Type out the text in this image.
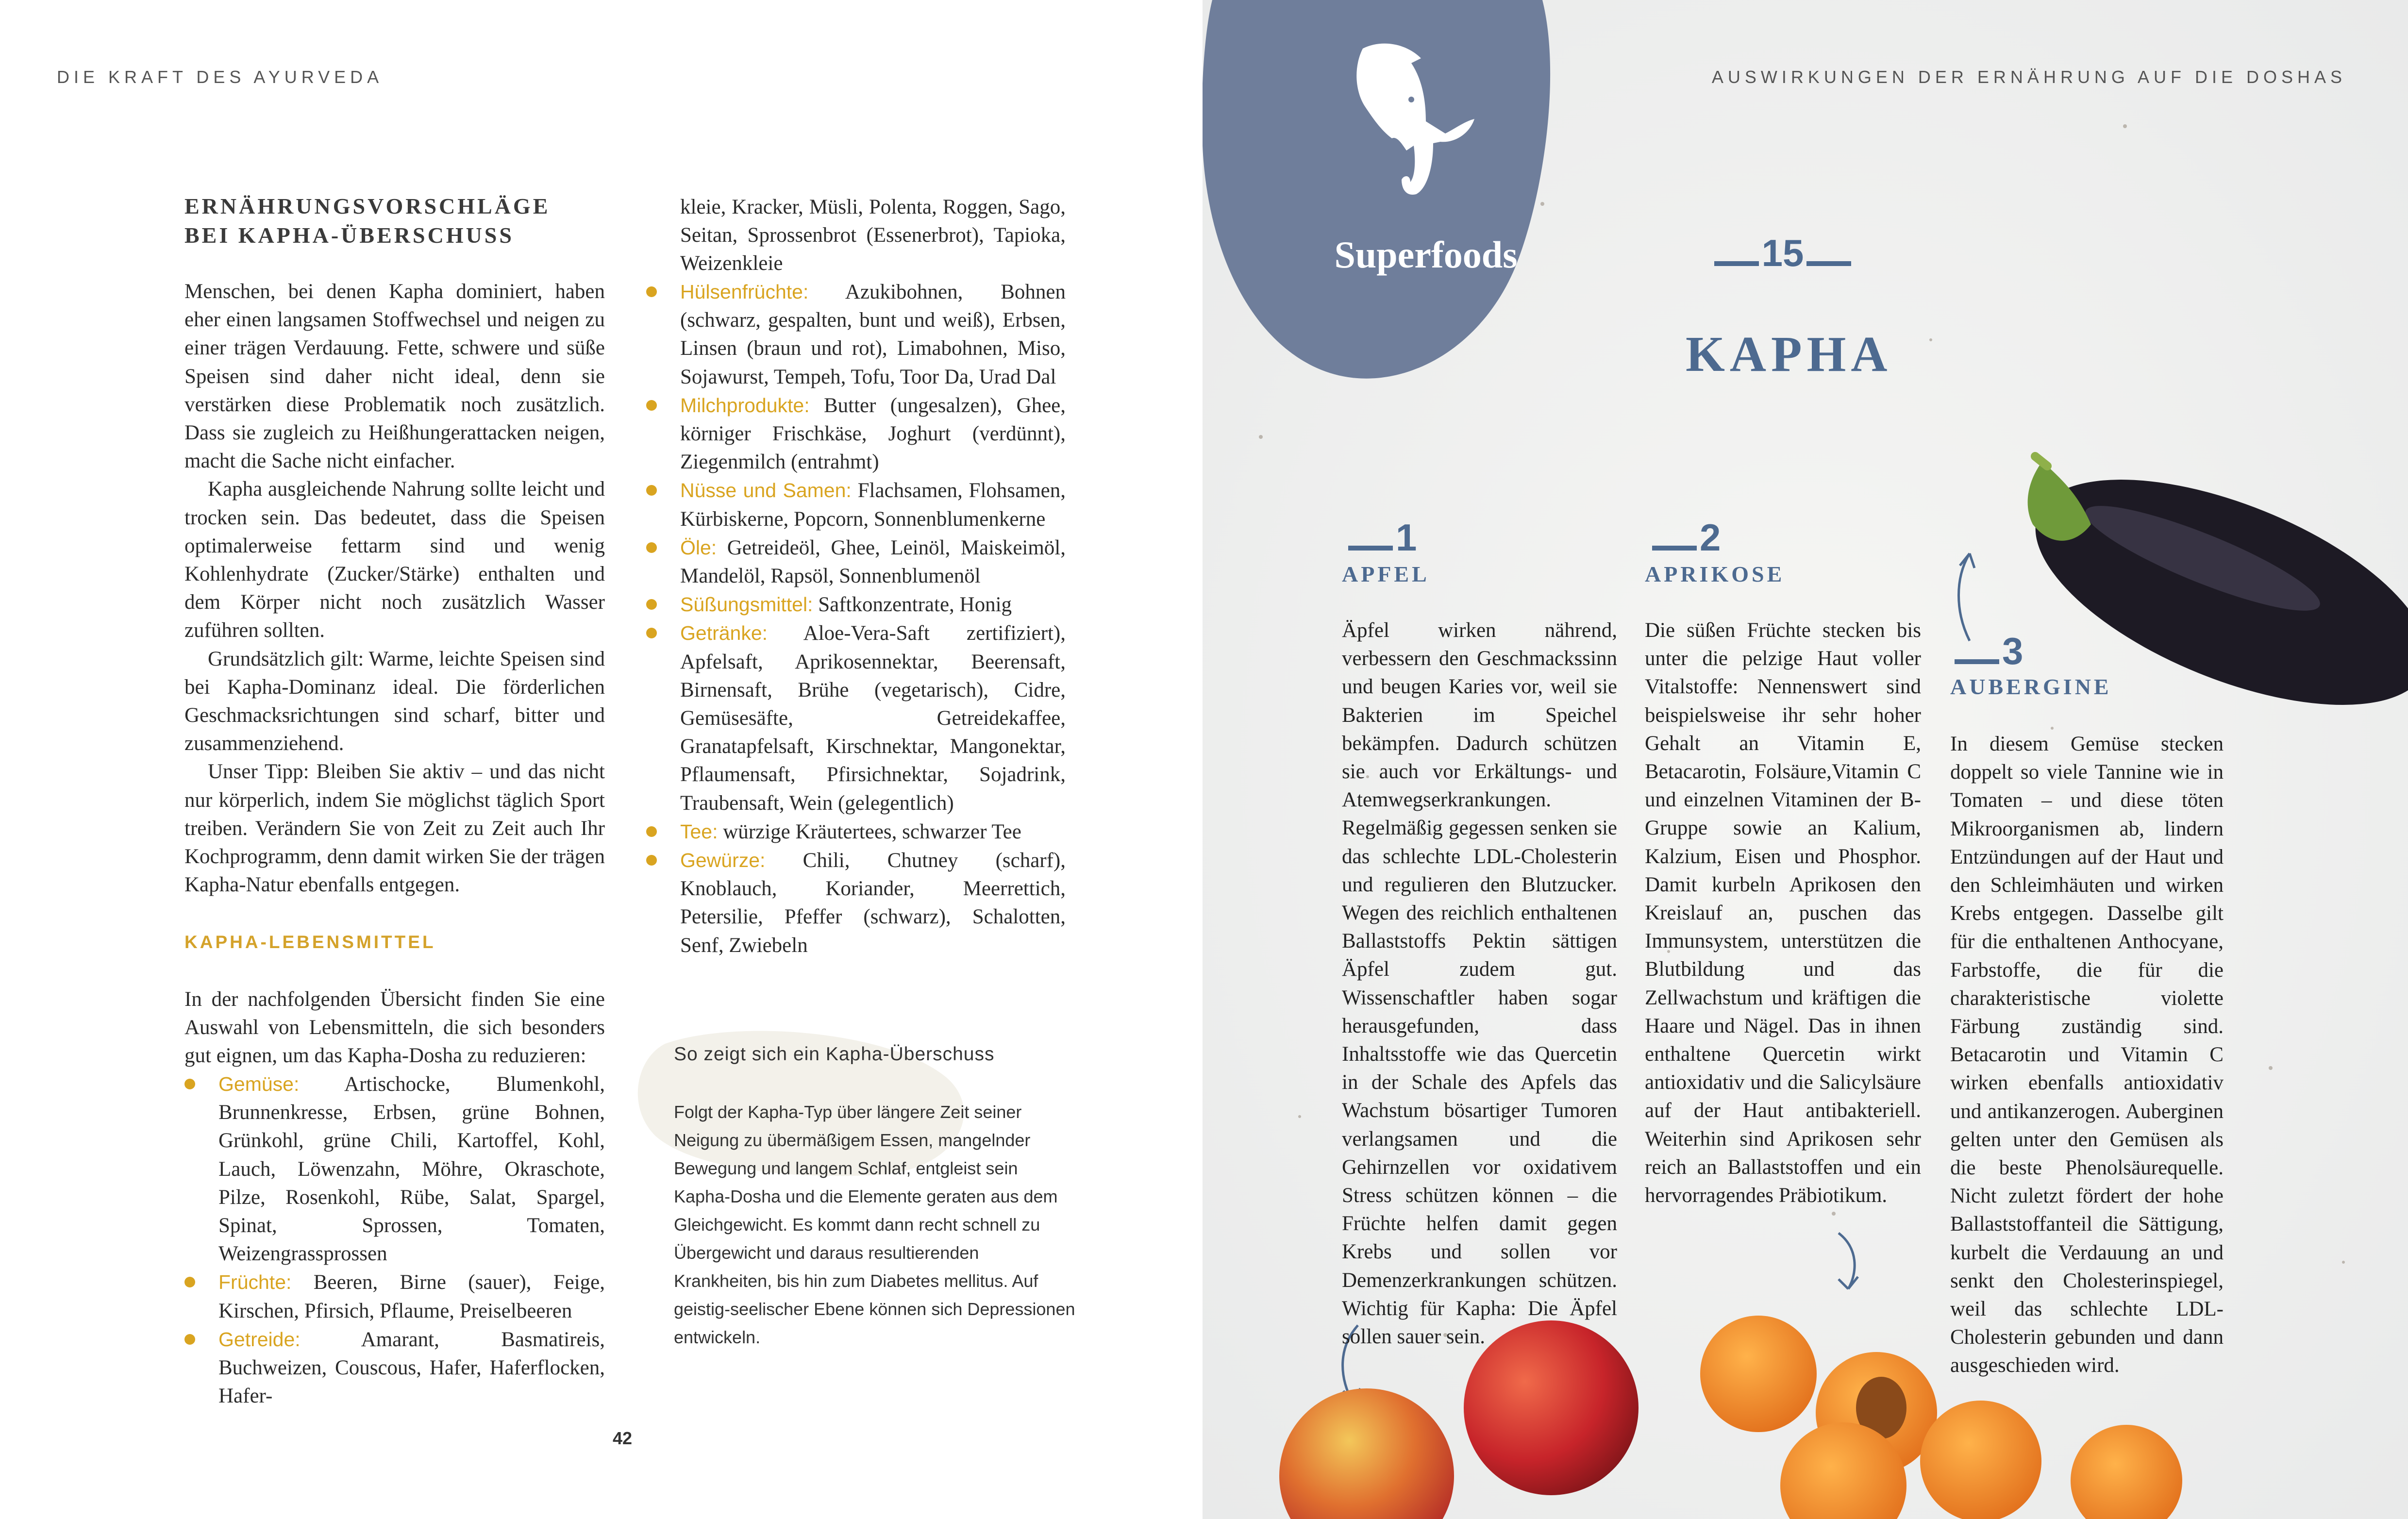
DIE KRAFT DES AYURVEDA
ERNÄHRUNGSVORSCHLÄGE
BEI KAPHA-ÜBERSCHUSS

Menschen, bei denen Kapha dominiert, haben eher einen langsamen Stoffwechsel und neigen zu einer trägen Verdauung. Fette, schwere und süße Speisen sind daher nicht ideal, denn sie verstärken diese Problematik noch zusätzlich. Dass sie zugleich zu Heißhungerattacken neigen, macht die Sache nicht einfacher.

Kapha ausgleichende Nahrung sollte leicht und trocken sein. Das bedeutet, dass die Speisen optimalerweise fettarm sind und wenig Kohlenhydrate (Zucker/Stärke) enthalten und dem Körper nicht noch zusätzlich Wasser zuführen sollten.

Grundsätzlich gilt: Warme, leichte Speisen sind bei Kapha-Dominanz ideal. Die förderlichen Geschmacksrichtungen sind scharf, bitter und zusammenziehend.

Unser Tipp: Bleiben Sie aktiv – und das nicht nur körperlich, indem Sie möglichst täglich Sport treiben. Verändern Sie von Zeit zu Zeit auch Ihr Kochprogramm, denn damit wirken Sie der trägen Kapha-Natur ebenfalls entgegen.

KAPHA-LEBENSMITTEL
In der nachfolgenden Übersicht finden Sie eine Auswahl von Lebensmitteln, die sich besonders gut eignen, um das Kapha-Dosha zu reduzieren:
Gemüse: Artischocke, Blumenkohl, Brunnenkresse, Erbsen, grüne Bohnen, Grünkohl, grüne Chili, Kartoffel, Kohl, Lauch, Löwenzahn, Möhre, Okraschote, Pilze, Rosenkohl, Rübe, Salat, Spargel, Spinat, Sprossen, Tomaten, Weizengrassprossen
Früchte: Beeren, Birne (sauer), Feige, Kirschen, Pfirsich, Pflaume, Preiselbeeren
Getreide:	Amarant, Basmatireis, Buchweizen, Couscous, Hafer, Haferflocken, Hafer-
kleie, Kracker, Müsli, Polenta, Roggen, Sago, Seitan, Sprossenbrot (Essenerbrot), Tapioka, Weizenkleie
Hülsenfrüchte: Azukibohnen, Bohnen (schwarz, gespalten, bunt und weiß), Erbsen, Linsen (braun und rot), Limabohnen, Miso, Sojawurst, Tempeh, Tofu, Toor Da, Urad Dal
Milchprodukte: Butter (ungesalzen), Ghee, körniger Frischkäse, Joghurt (verdünnt), Ziegenmilch (entrahmt)
Nüsse und Samen: Flachsamen, Flohsamen, Kürbiskerne, Popcorn, Sonnenblumenkerne
Öle: Getreideöl, Ghee, Leinöl, Maiskeimöl, Mandelöl, Rapsöl, Sonnenblumenöl
Süßungsmittel: Saftkonzentrate, Honig
Getränke: Aloe-Vera-Saft zertifiziert), Apfelsaft, Aprikosennektar, Beerensaft, Birnensaft, Brühe (vegetarisch), Cidre, Gemüsesäfte, Getreidekaffee, Granatapfelsaft, Kirschnektar, Mangonektar, Pflaumensaft, Pfirsichnektar, Sojadrink, Traubensaft, Wein (gelegentlich)
Tee: würzige Kräutertees, schwarzer Tee
Gewürze: Chili, Chutney (scharf), Knoblauch, Koriander, Meerrettich, Petersilie, Pfeffer (schwarz), Schalotten, Senf, Zwiebeln
So zeigt sich ein Kapha-Überschuss
Folgt der Kapha-Typ über längere Zeit seiner Neigung zu übermäßigem Essen, mangelnder Bewegung und langem Schlaf, entgleist sein Kapha-Dosha und die Elemente geraten aus dem Gleichgewicht. Es kommt dann recht schnell zu Übergewicht und daraus resultierenden Krankheiten, bis hin zum Diabetes mellitus. Auf geistig-seelischer Ebene können sich Depressionen entwickeln.
42
Superfoods
AUSWIRKUNGEN DER ERNÄHRUNG AUF DIE DOSHAS
15
KAPHA
1
APFEL
Äpfel wirken nährend, verbessern den Geschmackssinn und beugen Karies vor, weil sie Bakterien im Speichel bekämpfen. Dadurch schützen sie auch vor Erkältungs- und Atemwegserkrankungen. Regelmäßig gegessen senken sie das schlechte LDL-Cholesterin und regulieren den Blutzucker. Wegen des reichlich enthaltenen Ballaststoffs Pektin sättigen Äpfel zudem gut. Wissenschaftler haben sogar herausgefunden, dass Inhaltsstoffe wie das Quercetin in der Schale des Apfels das Wachstum bösartiger Tumoren verlangsamen und die Gehirnzellen vor oxidativem Stress schützen können – die Früchte helfen damit gegen Krebs und sollen vor Demenzerkrankungen schützen. Wichtig für Kapha: Die Äpfel sollen sauer sein.
2
APRIKOSE
Die süßen Früchte stecken bis unter die pelzige Haut voller Vitalstoffe: Nennenswert sind beispielsweise ihr sehr hoher Gehalt an Vitamin E, Betacarotin, Folsäure,Vitamin C und einzelnen Vitaminen der B-Gruppe sowie an Kalium, Kalzium, Eisen und Phosphor. Damit kurbeln Aprikosen den Kreislauf an, puschen das Immunsystem, unterstützen die Blutbildung und das Zellwachstum und kräftigen die Haare und Nägel. Das in ihnen enthaltene Quercetin wirkt antioxidativ und die Salicylsäure auf der Haut antibakteriell. Weiterhin sind Aprikosen sehr reich an Ballaststoffen und ein hervorragendes Präbiotikum.
3
AUBERGINE
In diesem Gemüse stecken doppelt so viele Tannine wie in Tomaten – und diese töten Mikroorganismen ab, lindern Entzündungen auf der Haut und den Schleimhäuten und wirken Krebs entgegen. Dasselbe gilt für die enthaltenen Anthocyane, Farbstoffe, die für die charakteristische violette Färbung zuständig sind. Betacarotin und Vitamin C wirken ebenfalls antioxidativ und antikanzerogen. Auberginen gelten unter den Gemüsen als die beste Phenolsäurequelle. Nicht zuletzt fördert der hohe Ballaststoffanteil die Sättigung, kurbelt die Verdauung an und senkt den Cholesterinspiegel, weil das schlechte LDL-Cholesterin gebunden und dann ausgeschieden wird.
